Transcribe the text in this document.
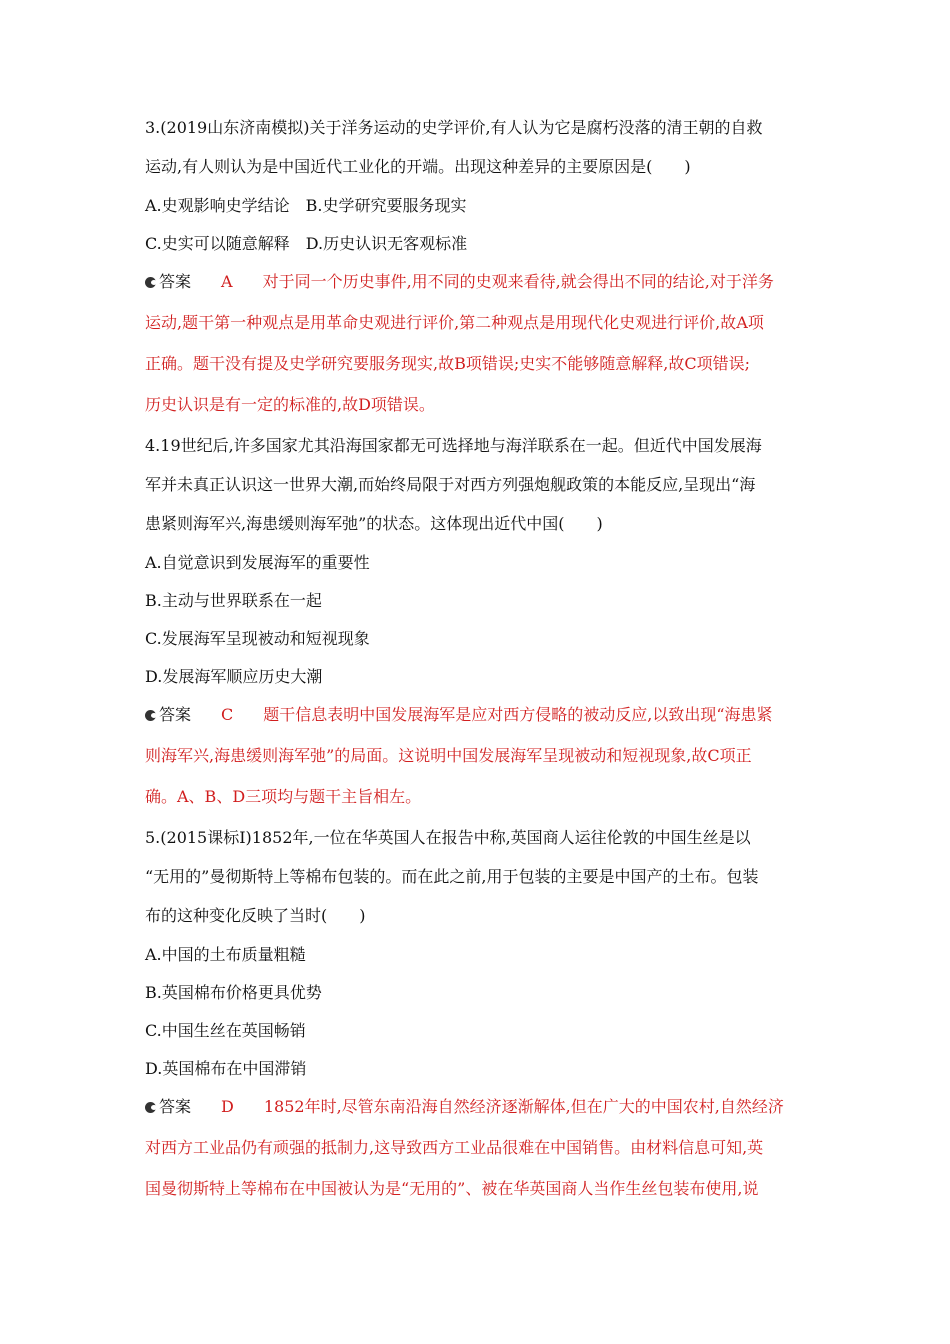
3.(2019山东济南模拟)关于洋务运动的史学评价,有人认为它是腐朽没落的清王朝的自救
运动,有人则认为是中国近代工业化的开端。出现这种差异的主要原因是(　　)
A.史观影响史学结论　B.史学研究要服务现实
C.史实可以随意解释　D.历史认识无客观标准
答案 A 对于同一个历史事件,用不同的史观来看待,就会得出不同的结论,对于洋务
运动,题干第一种观点是用革命史观进行评价,第二种观点是用现代化史观进行评价,故A项
正确。题干没有提及史学研究要服务现实,故B项错误;史实不能够随意解释,故C项错误;
历史认识是有一定的标准的,故D项错误。
4.19世纪后,许多国家尤其沿海国家都无可选择地与海洋联系在一起。但近代中国发展海
军并未真正认识这一世界大潮,而始终局限于对西方列强炮舰政策的本能反应,呈现出“海
患紧则海军兴,海患缓则海军弛”的状态。这体现出近代中国(　　)
A.自觉意识到发展海军的重要性
B.主动与世界联系在一起
C.发展海军呈现被动和短视现象
D.发展海军顺应历史大潮
答案 C 题干信息表明中国发展海军是应对西方侵略的被动反应,以致出现“海患紧
则海军兴,海患缓则海军弛”的局面。这说明中国发展海军呈现被动和短视现象,故C项正
确。A、B、D三项均与题干主旨相左。
5.(2015课标Ⅰ)1852年,一位在华英国人在报告中称,英国商人运往伦敦的中国生丝是以
“无用的”曼彻斯特上等棉布包装的。而在此之前,用于包装的主要是中国产的土布。包装
布的这种变化反映了当时(　　)
A.中国的土布质量粗糙
B.英国棉布价格更具优势
C.中国生丝在英国畅销
D.英国棉布在中国滞销
答案 D 1852年时,尽管东南沿海自然经济逐渐解体,但在广大的中国农村,自然经济
对西方工业品仍有顽强的抵制力,这导致西方工业品很难在中国销售。由材料信息可知,英
国曼彻斯特上等棉布在中国被认为是“无用的”、被在华英国商人当作生丝包装布使用,说
